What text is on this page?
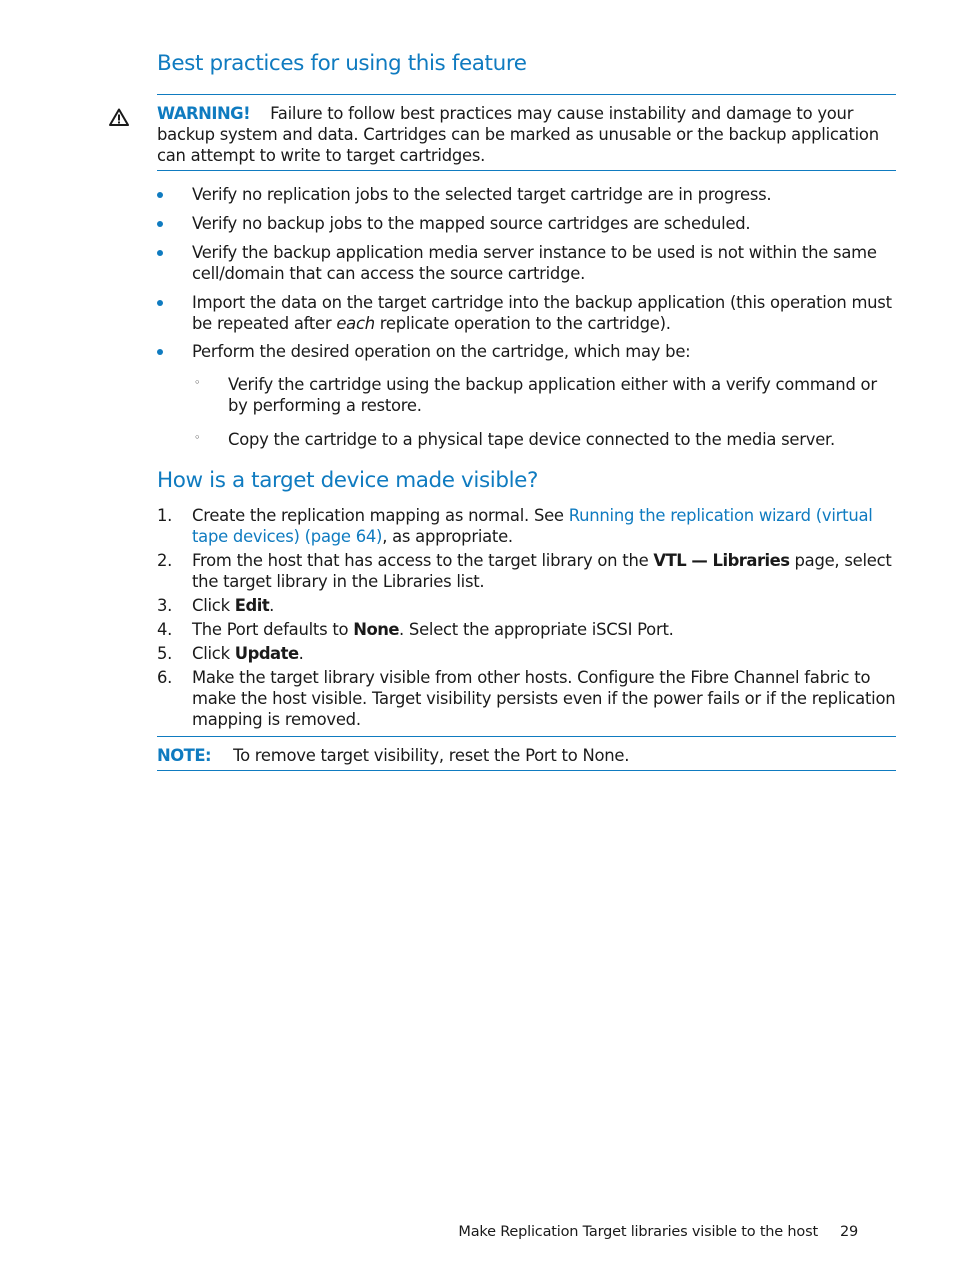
Best practices for using this feature
WARNING! Failure to follow best practices may cause instability and damage to your backup system and data. Cartridges can be marked as unusable or the backup application can attempt to write to target cartridges.
Verify no replication jobs to the selected target cartridge are in progress.
Verify no backup jobs to the mapped source cartridges are scheduled.
Verify the backup application media server instance to be used is not within the same cell/domain that can access the source cartridge.
Import the data on the target cartridge into the backup application (this operation must be repeated after each replicate operation to the cartridge).
Perform the desired operation on the cartridge, which may be:
◦ Verify the cartridge using the backup application either with a verify command or by performing a restore.
◦ Copy the cartridge to a physical tape device connected to the media server.
How is a target device made visible?
1. Create the replication mapping as normal. See Running the replication wizard (virtual tape devices) (page 64), as appropriate.
2. From the host that has access to the target library on the VTL — Libraries page, select the target library in the Libraries list.
3. Click Edit.
4. The Port defaults to None. Select the appropriate iSCSI Port.
5. Click Update.
6. Make the target library visible from other hosts. Configure the Fibre Channel fabric to make the host visible. Target visibility persists even if the power fails or if the replication mapping is removed.
NOTE: To remove target visibility, reset the Port to None.
Make Replication Target libraries visible to the host 29
